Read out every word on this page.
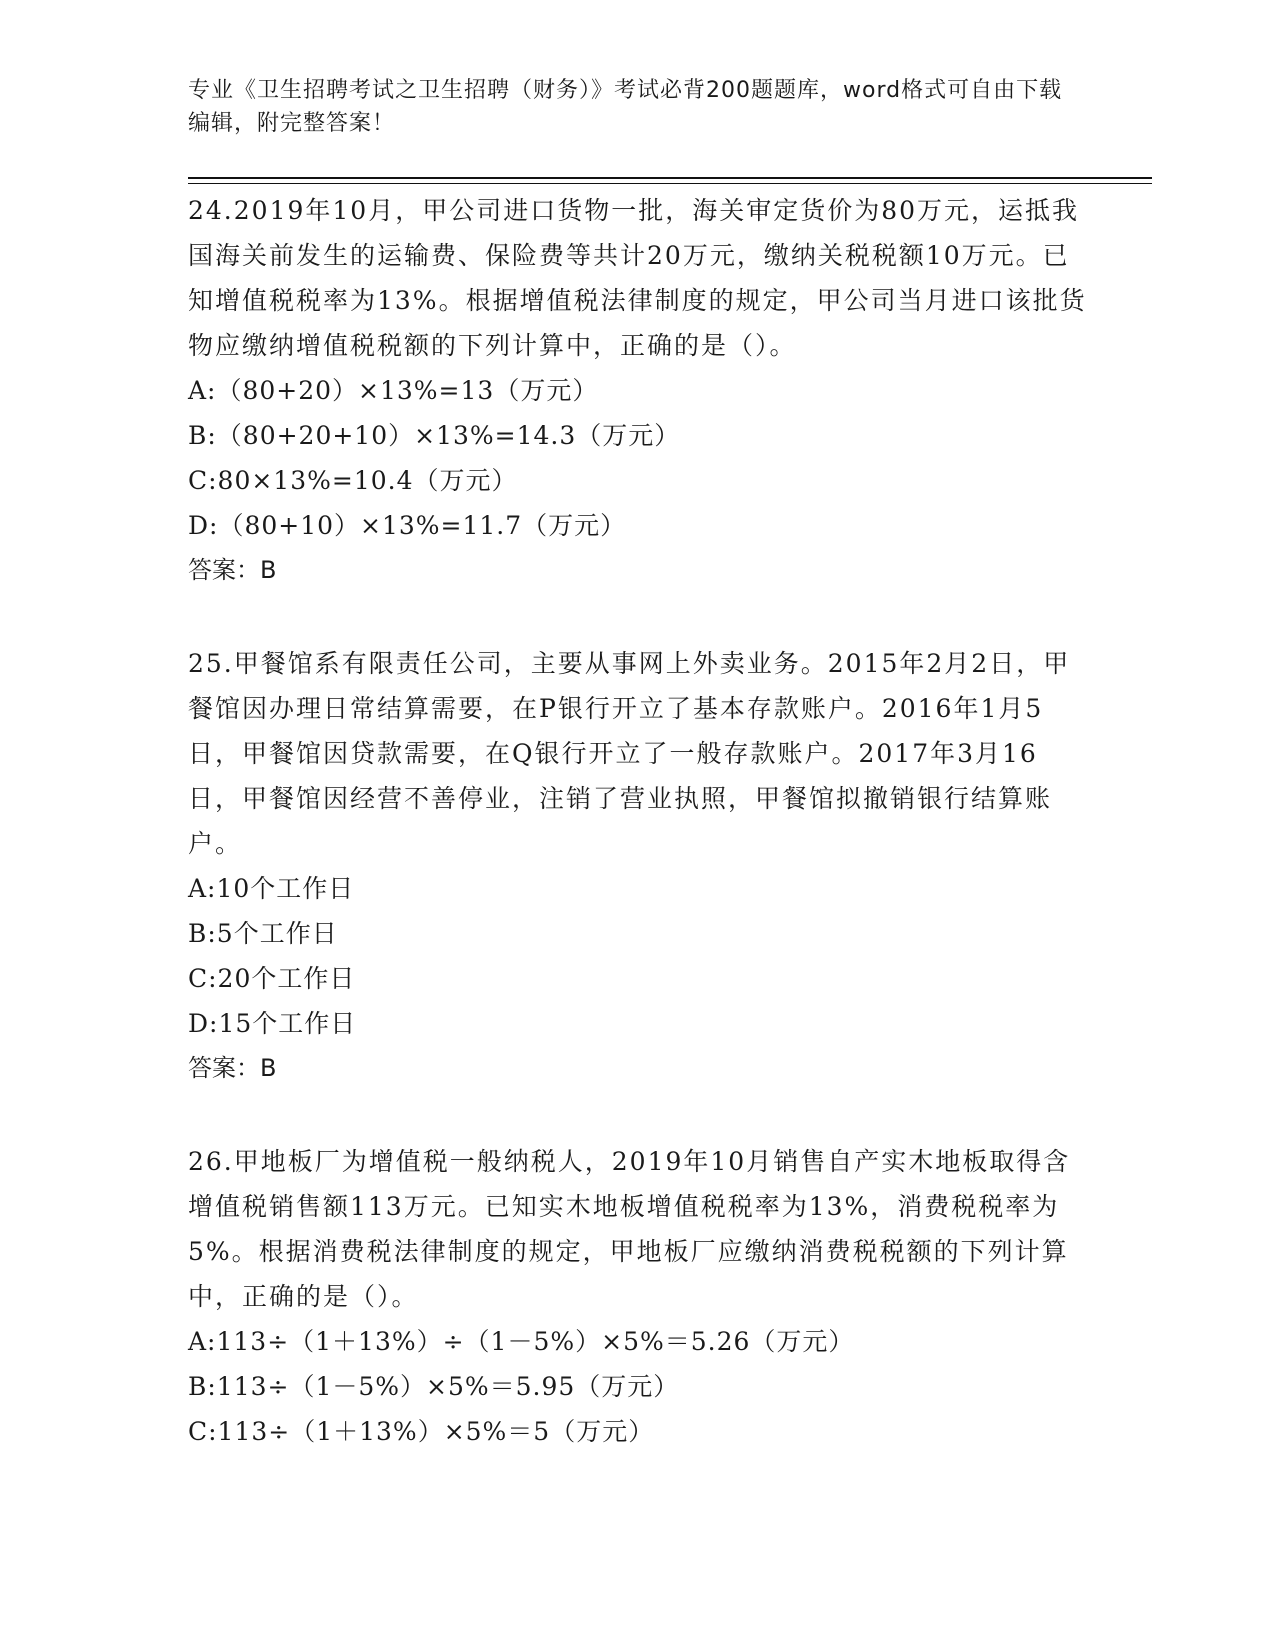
专业《卫生招聘考试之卫生招聘（财务）》考试必背200题题库，word格式可自由下载编辑，附完整答案！

24.2019年10月，甲公司进口货物一批，海关审定货价为80万元，运抵我国海关前发生的运输费、保险费等共计20万元，缴纳关税税额10万元。已知增值税税率为13%。根据增值税法律制度的规定，甲公司当月进口该批货物应缴纳增值税税额的下列计算中，正确的是（）。

A:（80+20）×13%=13（万元）

B:（80+20+10）×13%=14.3（万元）

C:80×13%=10.4（万元）

D:（80+10）×13%=11.7（万元）

答案：B

25.甲餐馆系有限责任公司，主要从事网上外卖业务。2015年2月2日，甲餐馆因办理日常结算需要，在P银行开立了基本存款账户。2016年1月5日，甲餐馆因贷款需要，在Q银行开立了一般存款账户。2017年3月16日，甲餐馆因经营不善停业，注销了营业执照，甲餐馆拟撤销银行结算账户。

A:10个工作日

B:5个工作日

C:20个工作日

D:15个工作日

答案：B

26.甲地板厂为增值税一般纳税人，2019年10月销售自产实木地板取得含增值税销售额113万元。已知实木地板增值税税率为13%，消费税税率为5%。根据消费税法律制度的规定，甲地板厂应缴纳消费税税额的下列计算中，正确的是（）。

A:113÷（1＋13%）÷（1－5%）×5%＝5.26（万元）

B:113÷（1－5%）×5%＝5.95（万元）

C:113÷（1＋13%）×5%＝5（万元）
